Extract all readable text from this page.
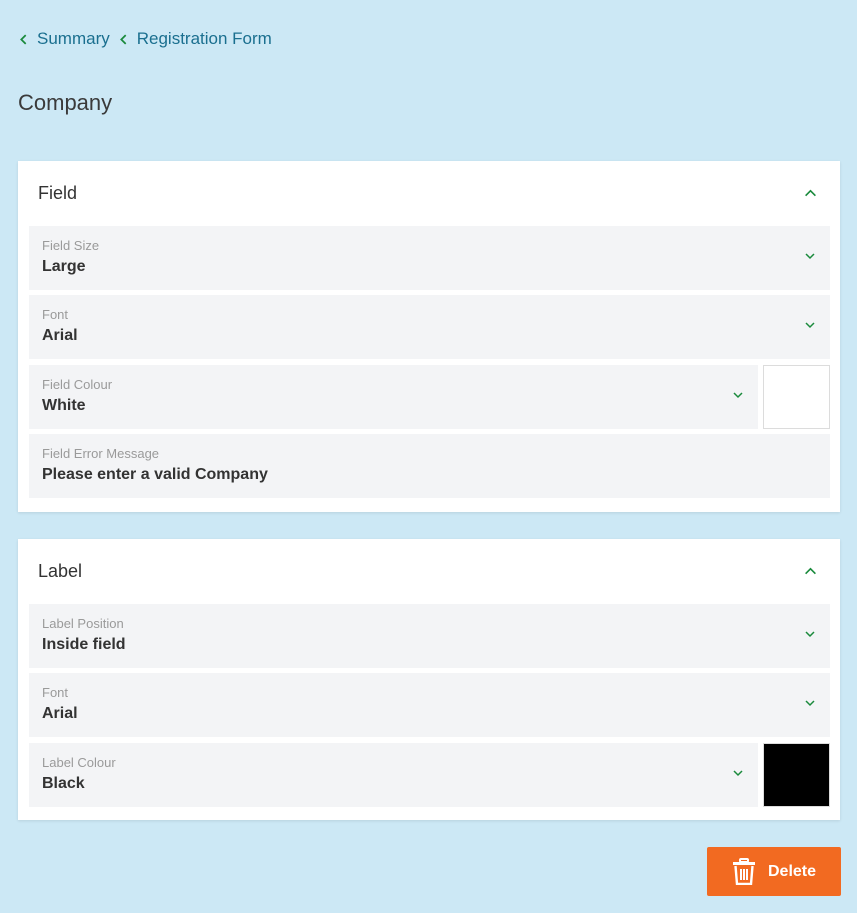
Summary Registration Form
Company
Field
Field Size
Large
Font
Arial
Field Colour
White
Field Error Message
Please enter a valid Company
Label
Label Position
Inside field
Font
Arial
Label Colour
Black
Delete
